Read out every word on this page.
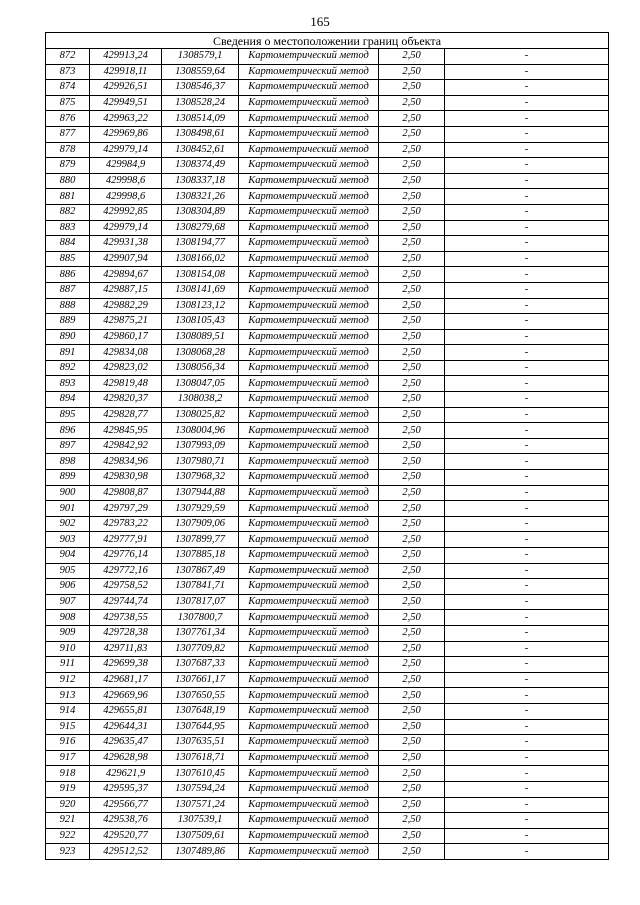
165
Сведения о местоположении границ объекта					
872	429913,24	1308579,1	Картометрический метод	2,50	-
873	429918,11	1308559,64	Картометрический метод	2,50	-
874	429926,51	1308546,37	Картометрический метод	2,50	-
875	429949,51	1308528,24	Картометрический метод	2,50	-
876	429963,22	1308514,09	Картометрический метод	2,50	-
877	429969,86	1308498,61	Картометрический метод	2,50	-
878	429979,14	1308452,61	Картометрический метод	2,50	-
879	429984,9	1308374,49	Картометрический метод	2,50	-
880	429998,6	1308337,18	Картометрический метод	2,50	-
881	429998,6	1308321,26	Картометрический метод	2,50	-
882	429992,85	1308304,89	Картометрический метод	2,50	-
883	429979,14	1308279,68	Картометрический метод	2,50	-
884	429931,38	1308194,77	Картометрический метод	2,50	-
885	429907,94	1308166,02	Картометрический метод	2,50	-
886	429894,67	1308154,08	Картометрический метод	2,50	-
887	429887,15	1308141,69	Картометрический метод	2,50	-
888	429882,29	1308123,12	Картометрический метод	2,50	-
889	429875,21	1308105,43	Картометрический метод	2,50	-
890	429860,17	1308089,51	Картометрический метод	2,50	-
891	429834,08	1308068,28	Картометрический метод	2,50	-
892	429823,02	1308056,34	Картометрический метод	2,50	-
893	429819,48	1308047,05	Картометрический метод	2,50	-
894	429820,37	1308038,2	Картометрический метод	2,50	-
895	429828,77	1308025,82	Картометрический метод	2,50	-
896	429845,95	1308004,96	Картометрический метод	2,50	-
897	429842,92	1307993,09	Картометрический метод	2,50	-
898	429834,96	1307980,71	Картометрический метод	2,50	-
899	429830,98	1307968,32	Картометрический метод	2,50	-
900	429808,87	1307944,88	Картометрический метод	2,50	-
901	429797,29	1307929,59	Картометрический метод	2,50	-
902	429783,22	1307909,06	Картометрический метод	2,50	-
903	429777,91	1307899,77	Картометрический метод	2,50	-
904	429776,14	1307885,18	Картометрический метод	2,50	-
905	429772,16	1307867,49	Картометрический метод	2,50	-
906	429758,52	1307841,71	Картометрический метод	2,50	-
907	429744,74	1307817,07	Картометрический метод	2,50	-
908	429738,55	1307800,7	Картометрический метод	2,50	-
909	429728,38	1307761,34	Картометрический метод	2,50	-
910	429711,83	1307709,82	Картометрический метод	2,50	-
911	429699,38	1307687,33	Картометрический метод	2,50	-
912	429681,17	1307661,17	Картометрический метод	2,50	-
913	429669,96	1307650,55	Картометрический метод	2,50	-
914	429655,81	1307648,19	Картометрический метод	2,50	-
915	429644,31	1307644,95	Картометрический метод	2,50	-
916	429635,47	1307635,51	Картометрический метод	2,50	-
917	429628,98	1307618,71	Картометрический метод	2,50	-
918	429621,9	1307610,45	Картометрический метод	2,50	-
919	429595,37	1307594,24	Картометрический метод	2,50	-
920	429566,77	1307571,24	Картометрический метод	2,50	-
921	429538,76	1307539,1	Картометрический метод	2,50	-
922	429520,77	1307509,61	Картометрический метод	2,50	-
923	429512,52	1307489,86	Картометрический метод	2,50	-
